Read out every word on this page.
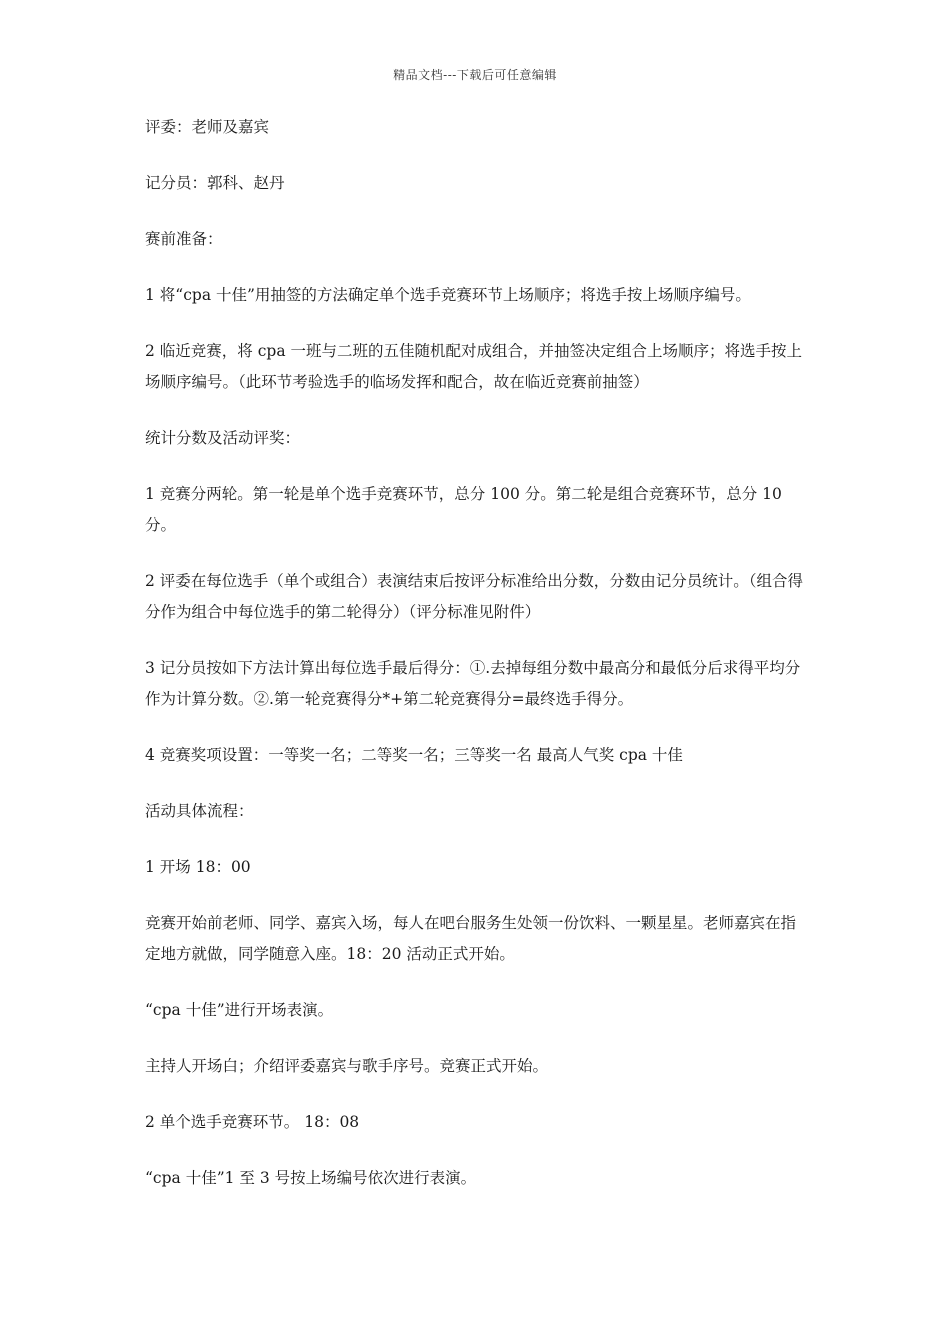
精品文档---下载后可任意编辑

评委：老师及嘉宾

记分员：郭科、赵丹

赛前准备：

1 将“cpa 十佳”用抽签的方法确定单个选手竞赛环节上场顺序；将选手按上场顺序编号。

2 临近竞赛，将 cpa 一班与二班的五佳随机配对成组合，并抽签决定组合上场顺序；将选手按上场顺序编号。（此环节考验选手的临场发挥和配合，故在临近竞赛前抽签）

统计分数及活动评奖：

1 竞赛分两轮。第一轮是单个选手竞赛环节，总分 100 分。第二轮是组合竞赛环节，总分 10 分。

2 评委在每位选手（单个或组合）表演结束后按评分标准给出分数，分数由记分员统计。（组合得分作为组合中每位选手的第二轮得分）（评分标准见附件）

3 记分员按如下方法计算出每位选手最后得分：①.去掉每组分数中最高分和最低分后求得平均分作为计算分数。②.第一轮竞赛得分*+第二轮竞赛得分=最终选手得分。

4 竞赛奖项设置：一等奖一名；二等奖一名；三等奖一名 最高人气奖 cpa 十佳

活动具体流程：

1 开场 18：00

竞赛开始前老师、同学、嘉宾入场，每人在吧台服务生处领一份饮料、一颗星星。老师嘉宾在指定地方就做，同学随意入座。18：20 活动正式开始。

“cpa 十佳”进行开场表演。

主持人开场白；介绍评委嘉宾与歌手序号。竞赛正式开始。

2 单个选手竞赛环节。 18：08

“cpa 十佳”1 至 3 号按上场编号依次进行表演。
